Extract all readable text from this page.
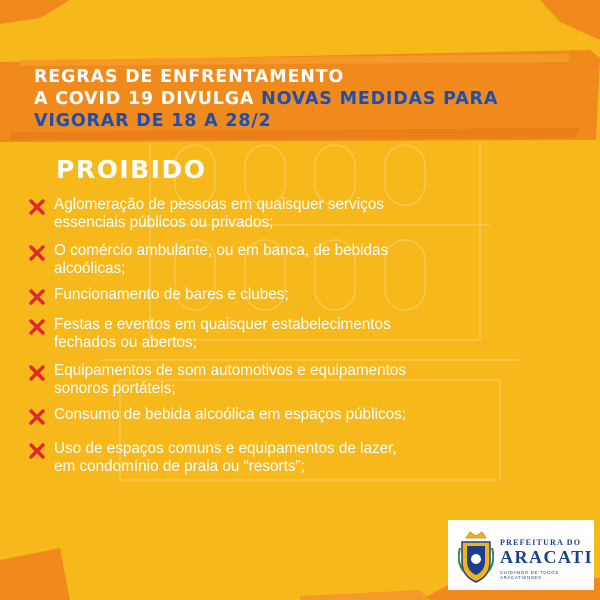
REGRAS DE ENFRENTAMENTO
A COVID 19 DIVULGA NOVAS MEDIDAS PARA
VIGORAR DE 18 A 28/2
PROIBIDO
Aglomeração de pessoas em quaisquer serviços
essenciais públicos ou privados;
O comércio ambulante, ou em banca, de bebidas
alcoólicas;
Funcionamento de bares e clubes;
Festas e eventos em quaisquer estabelecimentos
fechados ou abertos;
Equipamentos de som automotivos e equipamentos
sonoros portáteis;
Consumo de bebida alcoólica em espaços públicos;
Uso de espaços comuns e equipamentos de lazer,
em condomínio de praia ou “resorts”;
PREFEITURA DO
ARACATI
CUIDANDO DE TODOS ARACATIENSES
